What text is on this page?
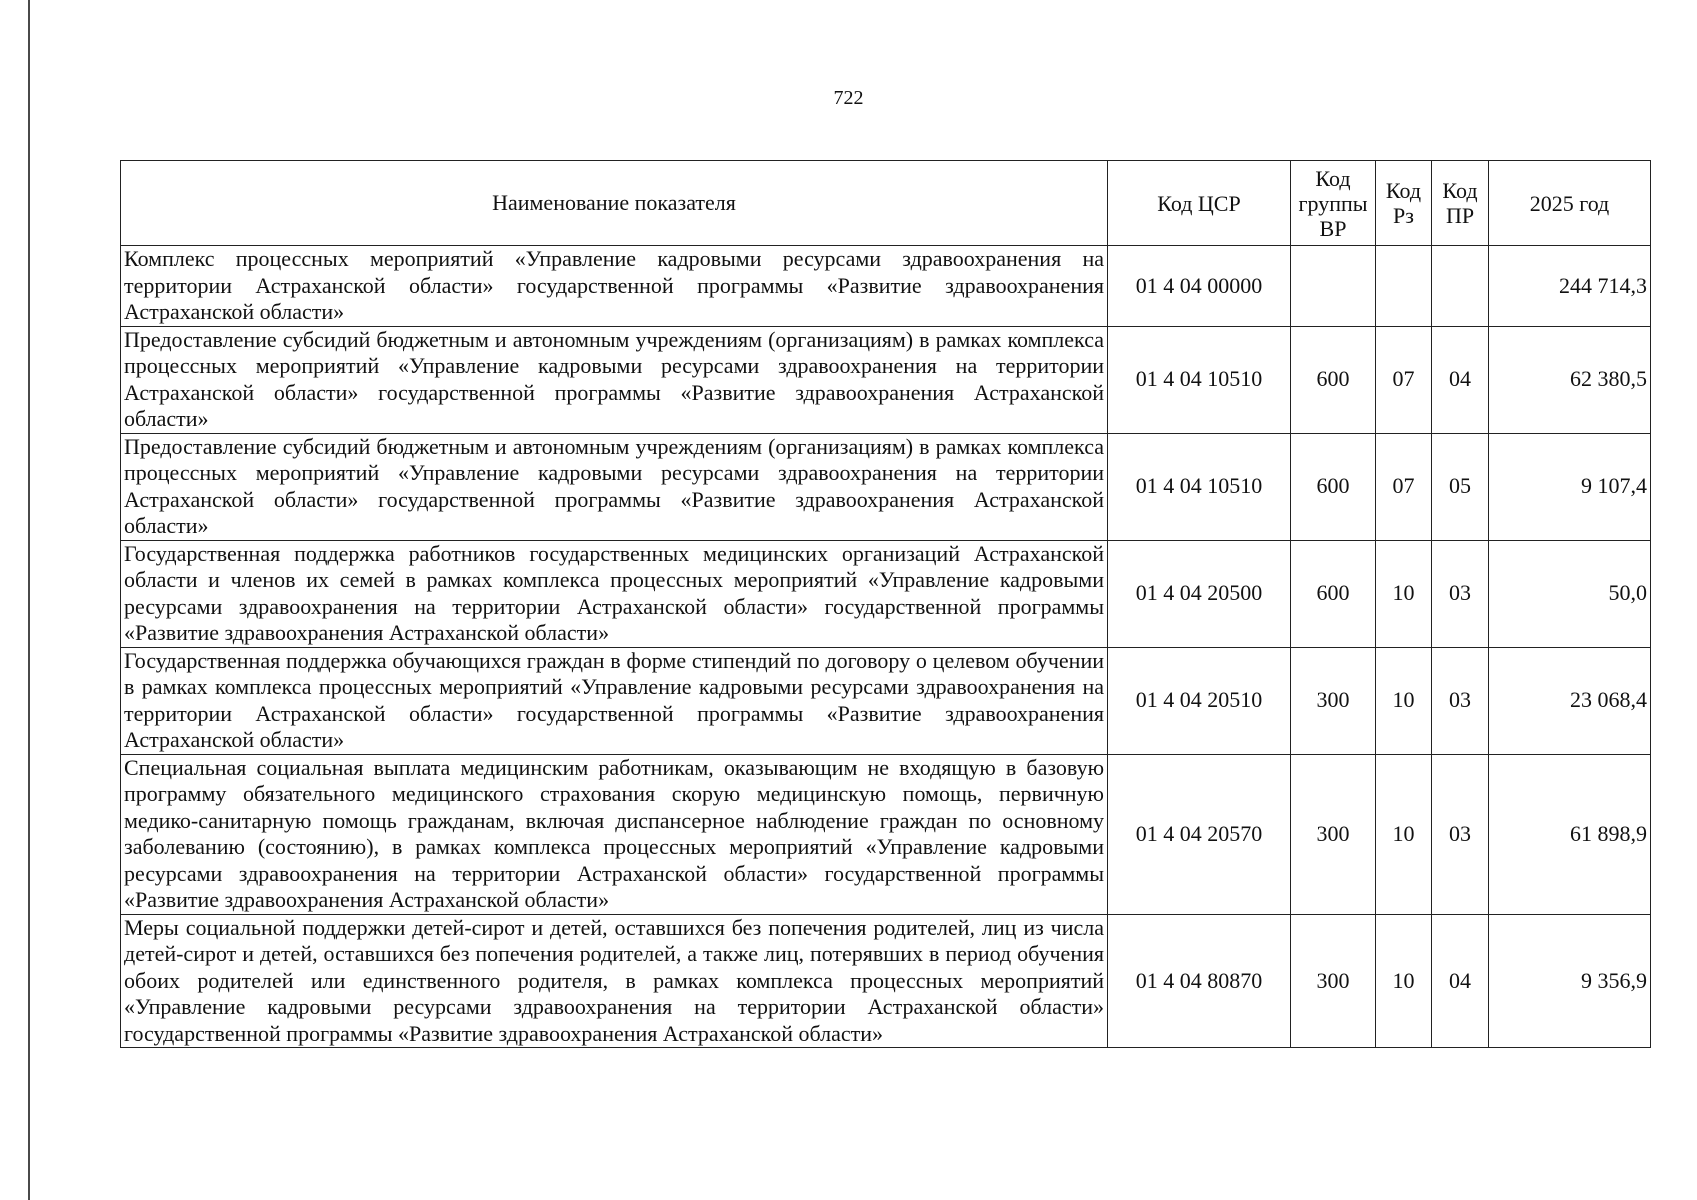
722
Наименование показателя	Код ЦСР	Код группы ВР	Код Рз	Код ПР	2025 год
Комплекс процессных мероприятий «Управление кадровыми ресурсами здравоохранения на территории Астраханской области» государственной программы «Развитие здравоохранения Астраханской области»	01 4 04 00000				244 714,3
Предоставление субсидий бюджетным и автономным учреждениям (организациям) в рамках комплекса процессных мероприятий «Управление кадровыми ресурсами здравоохранения на территории Астраханской области» государственной программы «Развитие здравоохранения Астраханской области»	01 4 04 10510	600	07	04	62 380,5
Предоставление субсидий бюджетным и автономным учреждениям (организациям) в рамках комплекса процессных мероприятий «Управление кадровыми ресурсами здравоохранения на территории Астраханской области» государственной программы «Развитие здравоохранения Астраханской области»	01 4 04 10510	600	07	05	9 107,4
Государственная поддержка работников государственных медицинских организаций Астраханской области и членов их семей в рамках комплекса процессных мероприятий «Управление кадровыми ресурсами здравоохранения на территории Астраханской области» государственной программы «Развитие здравоохранения Астраханской области»	01 4 04 20500	600	10	03	50,0
Государственная поддержка обучающихся граждан в форме стипендий по договору о целевом обучении в рамках комплекса процессных мероприятий «Управление кадровыми ресурсами здравоохранения на территории Астраханской области» государственной программы «Развитие здравоохранения Астраханской области»	01 4 04 20510	300	10	03	23 068,4
Специальная социальная выплата медицинским работникам, оказывающим не входящую в базовую программу обязательного медицинского страхования скорую медицинскую помощь, первичную медико-санитарную помощь гражданам, включая диспансерное наблюдение граждан по основному заболеванию (состоянию), в рамках комплекса процессных мероприятий «Управление кадровыми ресурсами здравоохранения на территории Астраханской области» государственной программы «Развитие здравоохранения Астраханской области»	01 4 04 20570	300	10	03	61 898,9
Меры социальной поддержки детей-сирот и детей, оставшихся без попечения родителей, лиц из числа детей-сирот и детей, оставшихся без попечения родителей, а также лиц, потерявших в период обучения обоих родителей или единственного родителя, в рамках комплекса процессных мероприятий «Управление кадровыми ресурсами здравоохранения на территории Астраханской области» государственной программы «Развитие здравоохранения Астраханской области»	01 4 04 80870	300	10	04	9 356,9
